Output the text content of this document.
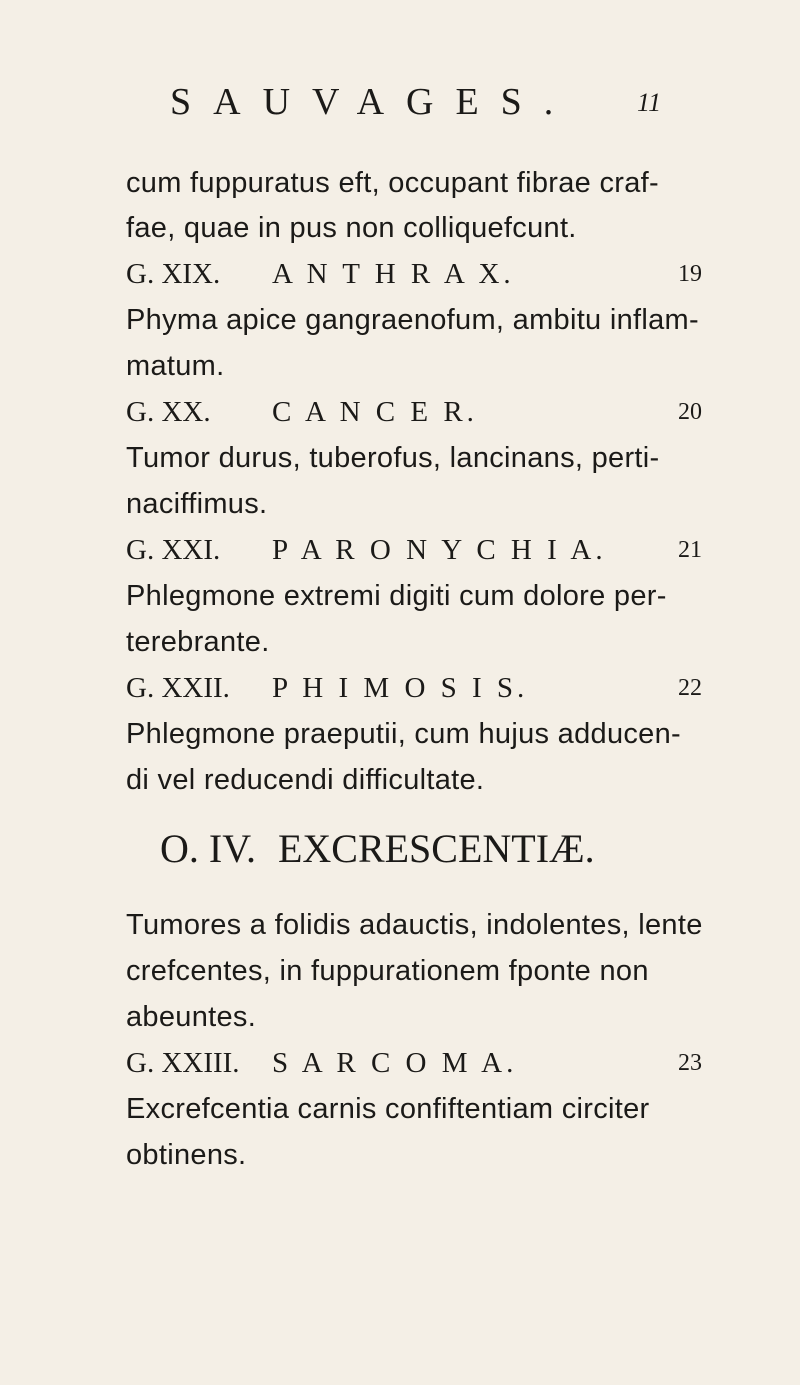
SAUVAGES.	11
cum fuppuratus eft, occupant fibrae craf-
fae, quae in pus non colliquefcunt.
G. XIX. A N T H R A X.	19
Phyma apice gangraenofum, ambitu inflam-
matum.
G. XX. C A N C E R.	20
Tumor durus, tuberofus, lancinans, perti-
naciffimus.
G. XXI. P A R O N Y C H I A.	21
Phlegmone extremi digiti cum dolore per-
terebrante.
G. XXII. P H I M O S I S.	22
Phlegmone praeputii, cum hujus adducen-
di vel reducendi difficultate.
O. IV. EXCRESCENTIÆ.
Tumores a folidis adauctis, indolentes, lente
crefcentes, in fuppurationem fponte non
abeuntes.
G. XXIII. S A R C O M A.	23
Excrefcentia carnis confiftentiam circiter
obtinens.
